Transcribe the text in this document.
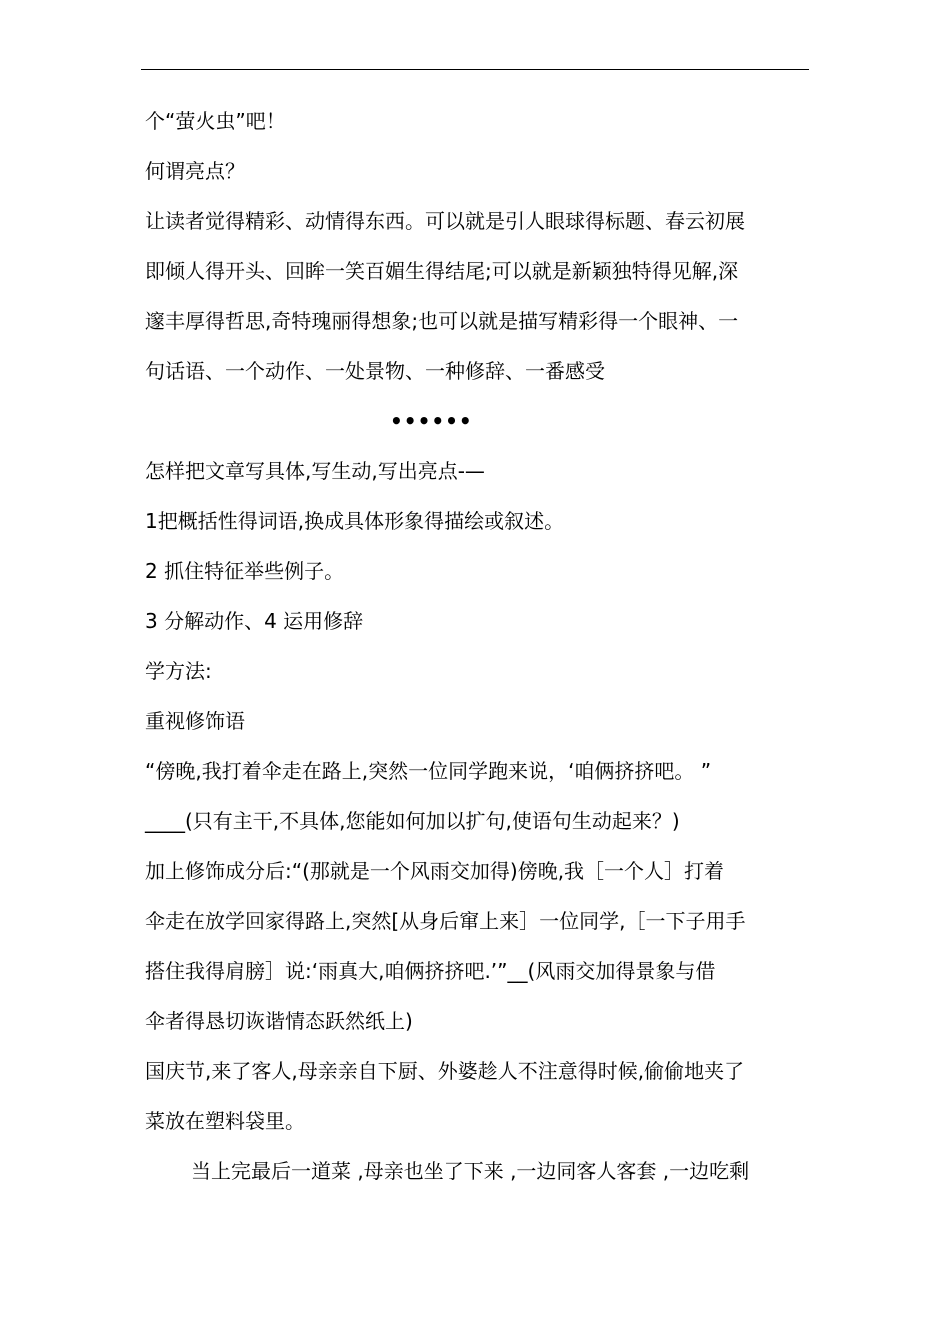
个“萤火虫”吧！
何谓亮点？
让读者觉得精彩、动情得东西。可以就是引人眼球得标题、春云初展
即倾人得开头、回眸一笑百媚生得结尾;可以就是新颖独特得见解,深
邃丰厚得哲思,奇特瑰丽得想象;也可以就是描写精彩得一个眼神、一
句话语、一个动作、一处景物、一种修辞、一番感受
••••••
怎样把文章写具体,写生动,写出亮点-—
1把概括性得词语,换成具体形象得描绘或叙述。
2 抓住特征举些例子。
3 分解动作、4 运用修辞
学方法:
重视修饰语
“傍晚,我打着伞走在路上,突然一位同学跑来说，‘咱俩挤挤吧。 ”
____(只有主干,不具体,您能如何加以扩句,使语句生动起来？)
加上修饰成分后:“(那就是一个风雨交加得)傍晚,我［一个人］打着
伞走在放学回家得路上,突然[从身后窜上来］一位同学,［一下子用手
搭住我得肩膀］说:‘雨真大,咱俩挤挤吧.’”__(风雨交加得景象与借
伞者得恳切诙谐情态跃然纸上)
国庆节,来了客人,母亲亲自下厨、外婆趁人不注意得时候,偷偷地夹了
菜放在塑料袋里。
当上完最后一道菜 ,母亲也坐了下来 ,一边同客人客套 ,一边吃剩
